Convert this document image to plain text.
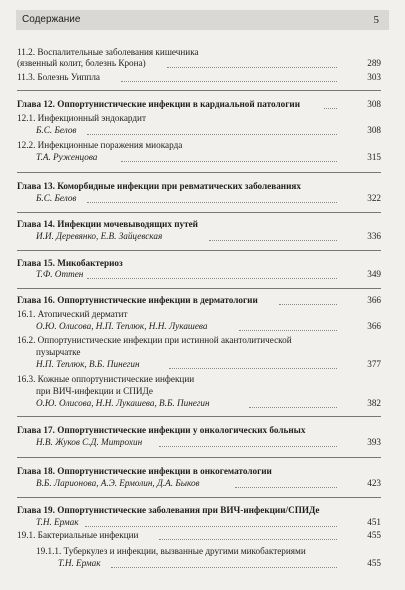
Содержание	5
11.2. Воспалительные заболевания кишечника
(язвенный колит, болезнь Крона)	289
11.3. Болезнь Уиппла	303
Глава 12. Оппортунистические инфекции в кардиальной патологии	308
12.1. Инфекционный эндокардит
Б.С. Белов	308
12.2. Инфекционные поражения миокарда
Т.А. Руженцова	315
Глава 13. Коморбидные инфекции при ревматических заболеваниях
Б.С. Белов	322
Глава 14. Инфекции мочевыводящих путей
И.И. Деревянко, Е.В. Зайцевская	336
Глава 15. Микобактериоз
Т.Ф. Оттен	349
Глава 16. Оппортунистические инфекции в дерматологии	366
16.1. Атопический дерматит
О.Ю. Олисова, Н.П. Теплюк, Н.Н. Лукашева	366
16.2. Оппортунистические инфекции при истинной акантолитической
пузырчатке
Н.П. Теплюк, В.Б. Пинегин	377
16.3. Кожные оппортунистические инфекции
при ВИЧ-инфекции и СПИДе
О.Ю. Олисова, Н.Н. Лукашева, В.Б. Пинегин	382
Глава 17. Оппортунистические инфекции у онкологических больных
Н.В. Жуков С.Д. Митрохин	393
Глава 18. Оппортунистические инфекции в онкогематологии
В.Б. Ларионова, А.Э. Ермолин, Д.А. Быков	423
Глава 19. Оппортунистические заболевания при ВИЧ-инфекции/СПИДе
Т.Н. Ермак	451
19.1. Бактериальные инфекции	455
19.1.1. Туберкулез и инфекции, вызванные другими микобактериями
Т.Н. Ермак	455
